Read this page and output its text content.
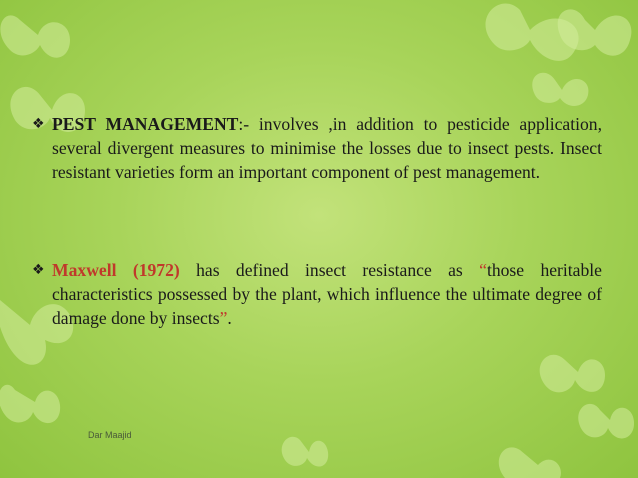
❖ PEST MANAGEMENT:- involves ,in addition to pesticide application, several divergent measures to minimise the losses due to insect pests. Insect resistant varieties form an important component of pest management.

❖ Maxwell (1972) has defined insect resistance as “those heritable characteristics possessed by the plant, which influence the ultimate degree of damage done by insects”.

Dar Maajid
